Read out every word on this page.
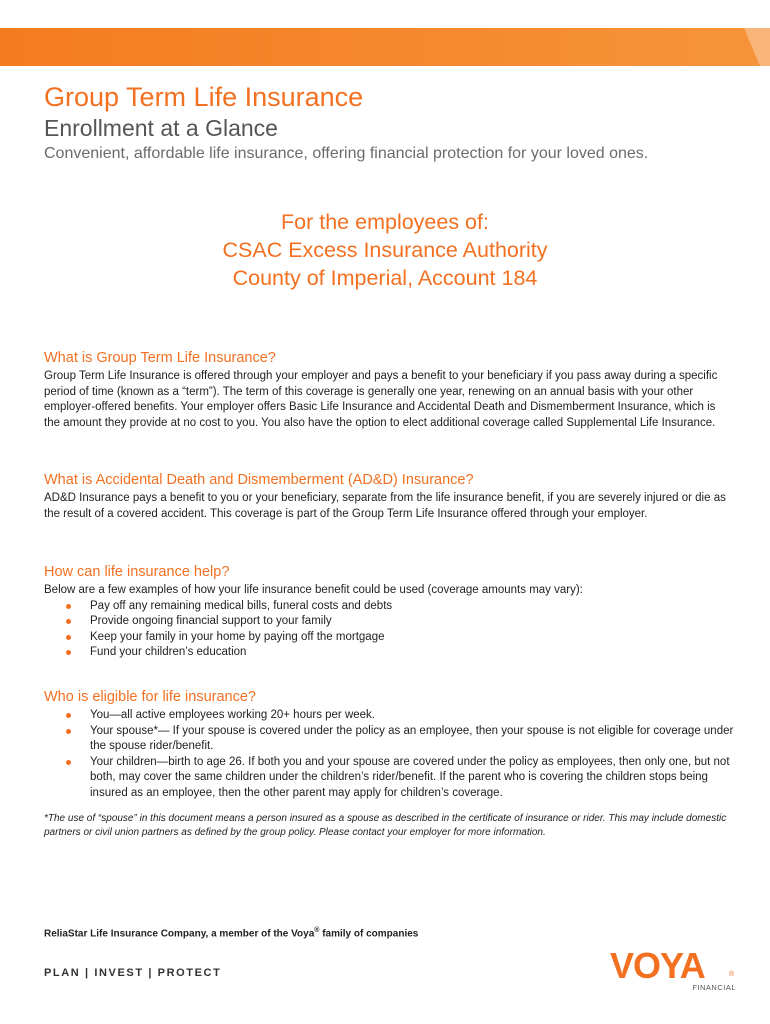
Group Term Life Insurance
Enrollment at a Glance
Convenient, affordable life insurance, offering financial protection for your loved ones.
For the employees of:
CSAC Excess Insurance Authority
County of Imperial, Account 184
What is Group Term Life Insurance?
Group Term Life Insurance is offered through your employer and pays a benefit to your beneficiary if you pass away during a specific period of time (known as a “term”). The term of this coverage is generally one year, renewing on an annual basis with your other employer-offered benefits. Your employer offers Basic Life Insurance and Accidental Death and Dismemberment Insurance, which is the amount they provide at no cost to you. You also have the option to elect additional coverage called Supplemental Life Insurance.
What is Accidental Death and Dismemberment (AD&D) Insurance?
AD&D Insurance pays a benefit to you or your beneficiary, separate from the life insurance benefit, if you are severely injured or die as the result of a covered accident. This coverage is part of the Group Term Life Insurance offered through your employer.
How can life insurance help?
Below are a few examples of how your life insurance benefit could be used (coverage amounts may vary):
Pay off any remaining medical bills, funeral costs and debts
Provide ongoing financial support to your family
Keep your family in your home by paying off the mortgage
Fund your children’s education
Who is eligible for life insurance?
You—all active employees working 20+ hours per week.
Your spouse*— If your spouse is covered under the policy as an employee, then your spouse is not eligible for coverage under the spouse rider/benefit.
Your children—birth to age 26. If both you and your spouse are covered under the policy as employees, then only one, but not both, may cover the same children under the children’s rider/benefit. If the parent who is covering the children stops being insured as an employee, then the other parent may apply for children’s coverage.
*The use of “spouse” in this document means a person insured as a spouse as described in the certificate of insurance or rider. This may include domestic partners or civil union partners as defined by the group policy. Please contact your employer for more information.
ReliaStar Life Insurance Company, a member of the Voya® family of companies
PLAN | INVEST | PROTECT	VOYA	®
FINANCIAL
